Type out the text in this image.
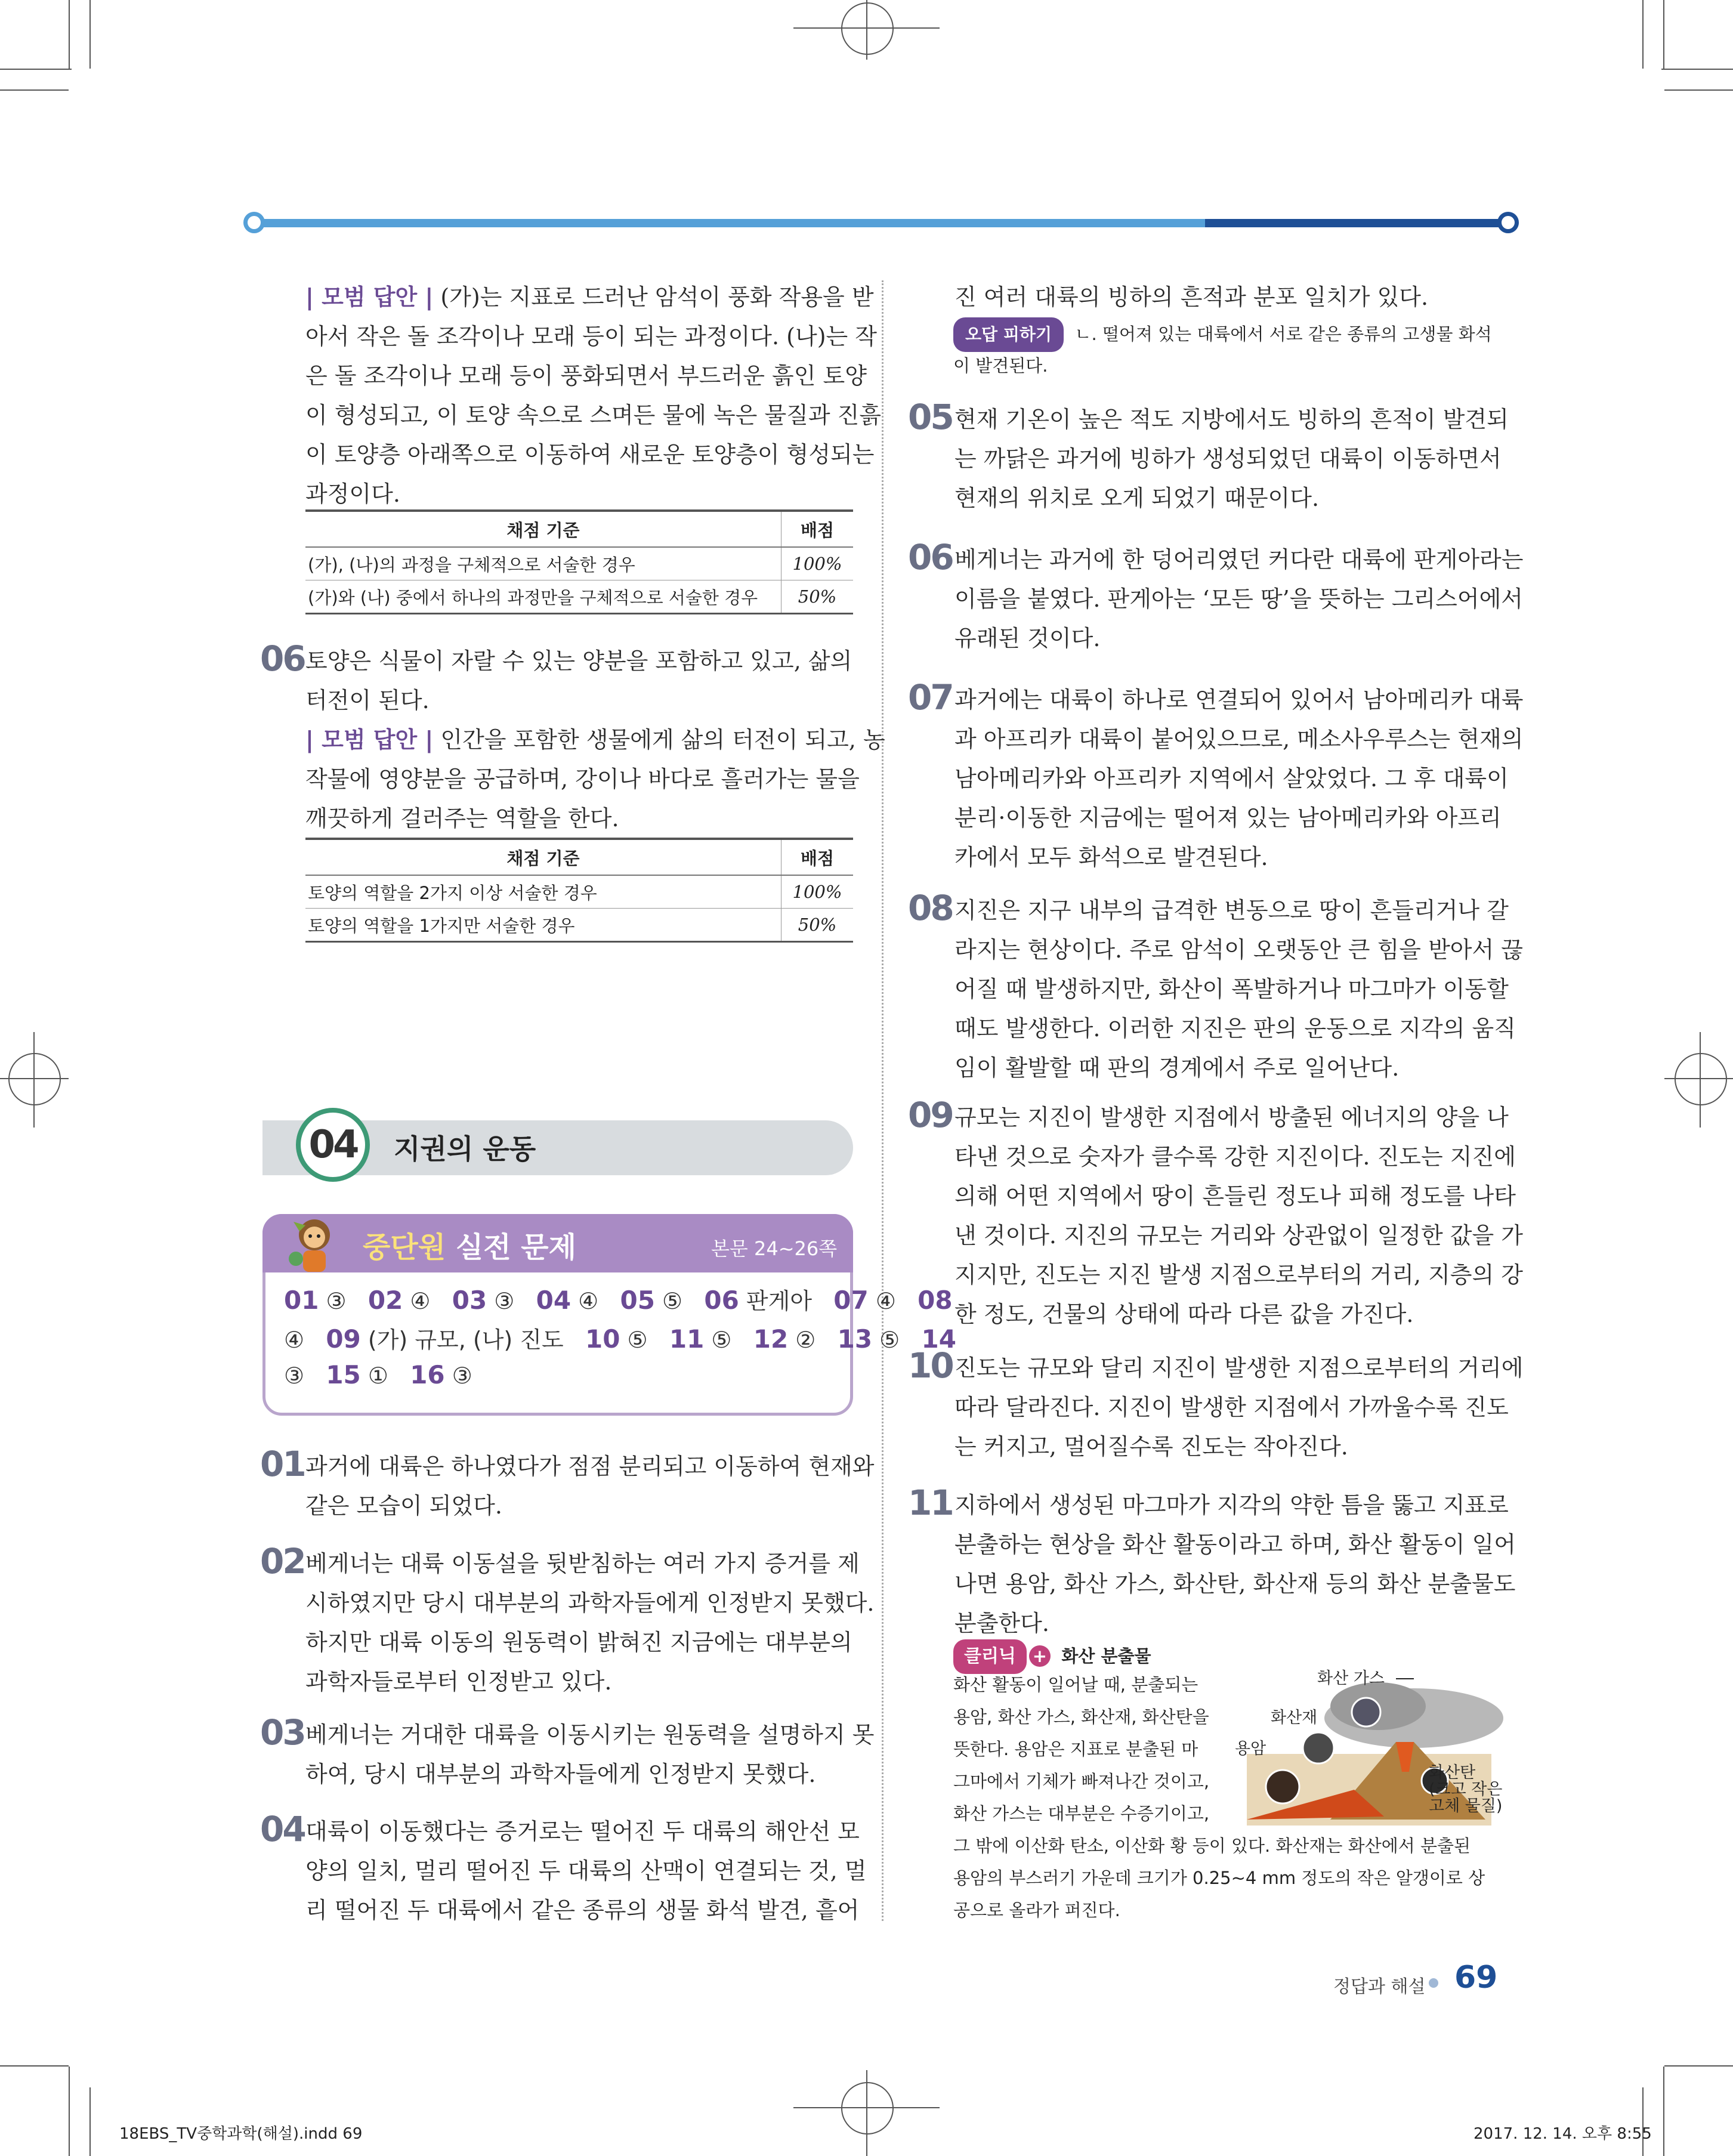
| 모범 답안 | (가)는 지표로 드러난 암석이 풍화 작용을 받
아서 작은 돌 조각이나 모래 등이 되는 과정이다. (나)는 작
은 돌 조각이나 모래 등이 풍화되면서 부드러운 흙인 토양
이 형성되고, 이 토양 속으로 스며든 물에 녹은 물질과 진흙
이 토양층 아래쪽으로 이동하여 새로운 토양층이 형성되는
과정이다.
채점 기준	배점
(가), (나)의 과정을 구체적으로 서술한 경우	100%
(가)와 (나) 중에서 하나의 과정만을 구체적으로 서술한 경우	50%
06 토양은 식물이 자랄 수 있는 양분을 포함하고 있고, 삶의
터전이 된다.
| 모범 답안 | 인간을 포함한 생물에게 삶의 터전이 되고, 농
작물에 영양분을 공급하며, 강이나 바다로 흘러가는 물을
깨끗하게 걸러주는 역할을 한다.
채점 기준	배점
토양의 역할을 2가지 이상 서술한 경우	100%
토양의 역할을 1가지만 서술한 경우	50%
04	지권의 운동
중단원 실전 문제	본문 24~26쪽
01 ③ 02 ④ 03 ③ 04 ④ 05 ⑤ 06 판게아 07 ④ 08
④ 09 (가) 규모, (나) 진도 10 ⑤ 11 ⑤ 12 ② 13 ⑤ 14
③ 15 ① 16 ③
01 과거에 대륙은 하나였다가 점점 분리되고 이동하여 현재와
같은 모습이 되었다.
02 베게너는 대륙 이동설을 뒷받침하는 여러 가지 증거를 제
시하였지만 당시 대부분의 과학자들에게 인정받지 못했다.
하지만 대륙 이동의 원동력이 밝혀진 지금에는 대부분의
과학자들로부터 인정받고 있다.
03 베게너는 거대한 대륙을 이동시키는 원동력을 설명하지 못
하여, 당시 대부분의 과학자들에게 인정받지 못했다.
04 대륙이 이동했다는 증거로는 떨어진 두 대륙의 해안선 모
양의 일치, 멀리 떨어진 두 대륙의 산맥이 연결되는 것, 멀
리 떨어진 두 대륙에서 같은 종류의 생물 화석 발견, 흩어
진 여러 대륙의 빙하의 흔적과 분포 일치가 있다.
오답 피하기 ㄴ. 떨어져 있는 대륙에서 서로 같은 종류의 고생물 화석
이 발견된다.
05 현재 기온이 높은 적도 지방에서도 빙하의 흔적이 발견되
는 까닭은 과거에 빙하가 생성되었던 대륙이 이동하면서
현재의 위치로 오게 되었기 때문이다.
06 베게너는 과거에 한 덩어리였던 커다란 대륙에 판게아라는
이름을 붙였다. 판게아는 ‘모든 땅’을 뜻하는 그리스어에서
유래된 것이다.
07 과거에는 대륙이 하나로 연결되어 있어서 남아메리카 대륙
과 아프리카 대륙이 붙어있으므로, 메소사우루스는 현재의
남아메리카와 아프리카 지역에서 살았었다. 그 후 대륙이
분리·이동한 지금에는 떨어져 있는 남아메리카와 아프리
카에서 모두 화석으로 발견된다.
08 지진은 지구 내부의 급격한 변동으로 땅이 흔들리거나 갈
라지는 현상이다. 주로 암석이 오랫동안 큰 힘을 받아서 끊
어질 때 발생하지만, 화산이 폭발하거나 마그마가 이동할
때도 발생한다. 이러한 지진은 판의 운동으로 지각의 움직
임이 활발할 때 판의 경계에서 주로 일어난다.
09 규모는 지진이 발생한 지점에서 방출된 에너지의 양을 나
타낸 것으로 숫자가 클수록 강한 지진이다. 진도는 지진에
의해 어떤 지역에서 땅이 흔들린 정도나 피해 정도를 나타
낸 것이다. 지진의 규모는 거리와 상관없이 일정한 값을 가
지지만, 진도는 지진 발생 지점으로부터의 거리, 지층의 강
한 정도, 건물의 상태에 따라 다른 값을 가진다.
10 진도는 규모와 달리 지진이 발생한 지점으로부터의 거리에
따라 달라진다. 지진이 발생한 지점에서 가까울수록 진도
는 커지고, 멀어질수록 진도는 작아진다.
11 지하에서 생성된 마그마가 지각의 약한 틈을 뚫고 지표로
분출하는 현상을 화산 활동이라고 하며, 화산 활동이 일어
나면 용암, 화산 가스, 화산탄, 화산재 등의 화산 분출물도
분출한다.
클리닉 + 화산 분출물
화산 활동이 일어날 때, 분출되는
용암, 화산 가스, 화산재, 화산탄을
뜻한다. 용암은 지표로 분출된 마
그마에서 기체가 빠져나간 것이고,
화산 가스는 대부분은 수증기이고,
그 밖에 이산화 탄소, 이산화 황 등이 있다. 화산재는 화산에서 분출된
용암의 부스러기 가운데 크기가 0.25~4 mm 정도의 작은 알갱이로 상
공으로 올라가 퍼진다.
화산 가스
화산재
용암
화산탄
(크고 작은
고체 물질)
정답과 해설 69
18EBS_TV중학과학(해설).indd 69	2017. 12. 14. 오후 8:55
